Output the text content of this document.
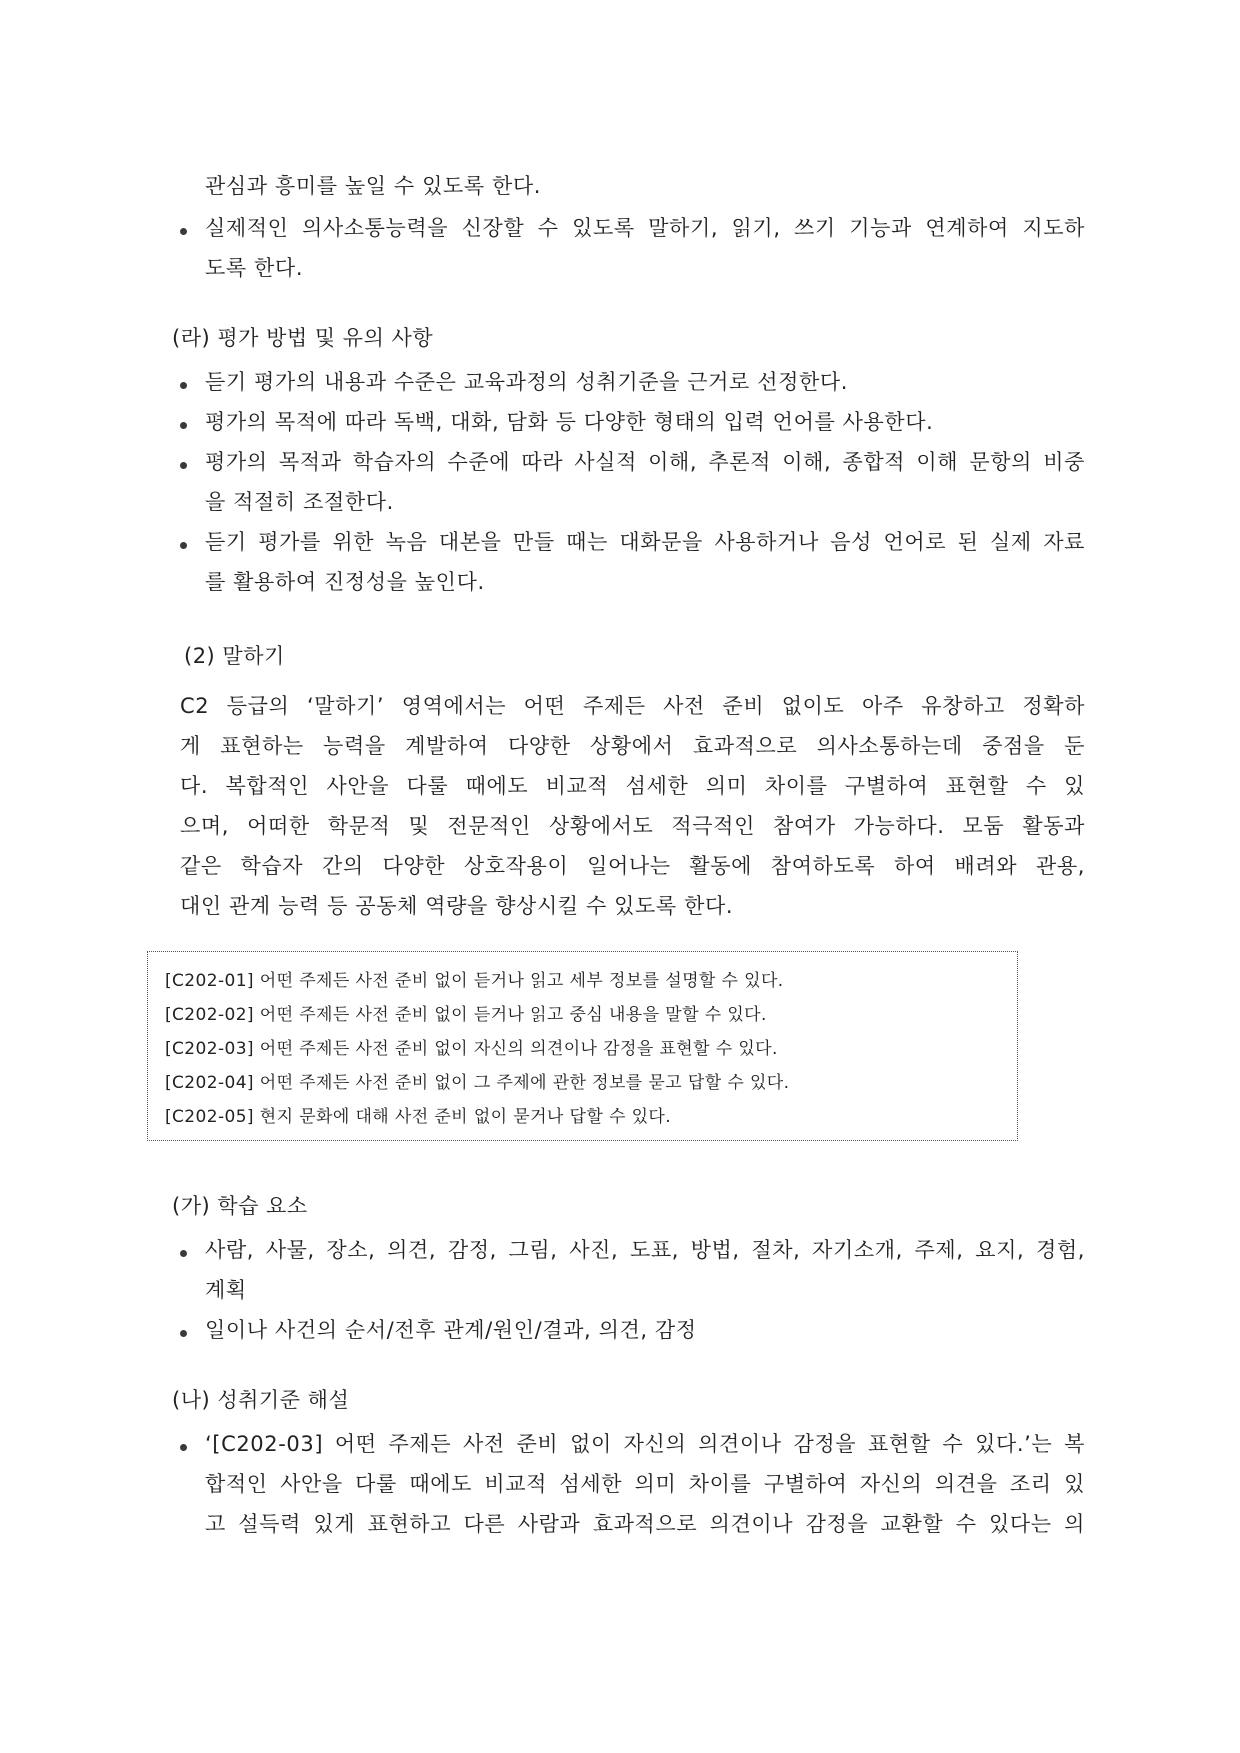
관심과 흥미를 높일 수 있도록 한다.

실제적인 의사소통능력을 신장할 수 있도록 말하기, 읽기, 쓰기 기능과 연계하여 지도하

도록 한다.

(라) 평가 방법 및 유의 사항

듣기 평가의 내용과 수준은 교육과정의 성취기준을 근거로 선정한다.

평가의 목적에 따라 독백, 대화, 담화 등 다양한 형태의 입력 언어를 사용한다.

평가의 목적과 학습자의 수준에 따라 사실적 이해, 추론적 이해, 종합적 이해 문항의 비중

을 적절히 조절한다.

듣기 평가를 위한 녹음 대본을 만들 때는 대화문을 사용하거나 음성 언어로 된 실제 자료

를 활용하여 진정성을 높인다.

(2) 말하기

C2 등급의 ‘말하기’ 영역에서는 어떤 주제든 사전 준비 없이도 아주 유창하고 정확하
게 표현하는 능력을 계발하여 다양한 상황에서 효과적으로 의사소통하는데 중점을 둔
다. 복합적인 사안을 다룰 때에도 비교적 섬세한 의미 차이를 구별하여 표현할 수 있
으며, 어떠한 학문적 및 전문적인 상황에서도 적극적인 참여가 가능하다. 모둠 활동과
같은 학습자 간의 다양한 상호작용이 일어나는 활동에 참여하도록 하여 배려와 관용,
대인 관계 능력 등 공동체 역량을 향상시킬 수 있도록 한다.

[C202-01] 어떤 주제든 사전 준비 없이 듣거나 읽고 세부 정보를 설명할 수 있다.

[C202-02] 어떤 주제든 사전 준비 없이 듣거나 읽고 중심 내용을 말할 수 있다.

[C202-03] 어떤 주제든 사전 준비 없이 자신의 의견이나 감정을 표현할 수 있다.

[C202-04] 어떤 주제든 사전 준비 없이 그 주제에 관한 정보를 묻고 답할 수 있다.

[C202-05] 현지 문화에 대해 사전 준비 없이 묻거나 답할 수 있다.

(가) 학습 요소

사람, 사물, 장소, 의견, 감정, 그림, 사진, 도표, 방법, 절차, 자기소개, 주제, 요지, 경험,

계획

일이나 사건의 순서/전후 관계/원인/결과, 의견, 감정

(나) 성취기준 해설

‘[C202-03] 어떤 주제든 사전 준비 없이 자신의 의견이나 감정을 표현할 수 있다.’는 복
합적인 사안을 다룰 때에도 비교적 섬세한 의미 차이를 구별하여 자신의 의견을 조리 있
고 설득력 있게 표현하고 다른 사람과 효과적으로 의견이나 감정을 교환할 수 있다는 의
